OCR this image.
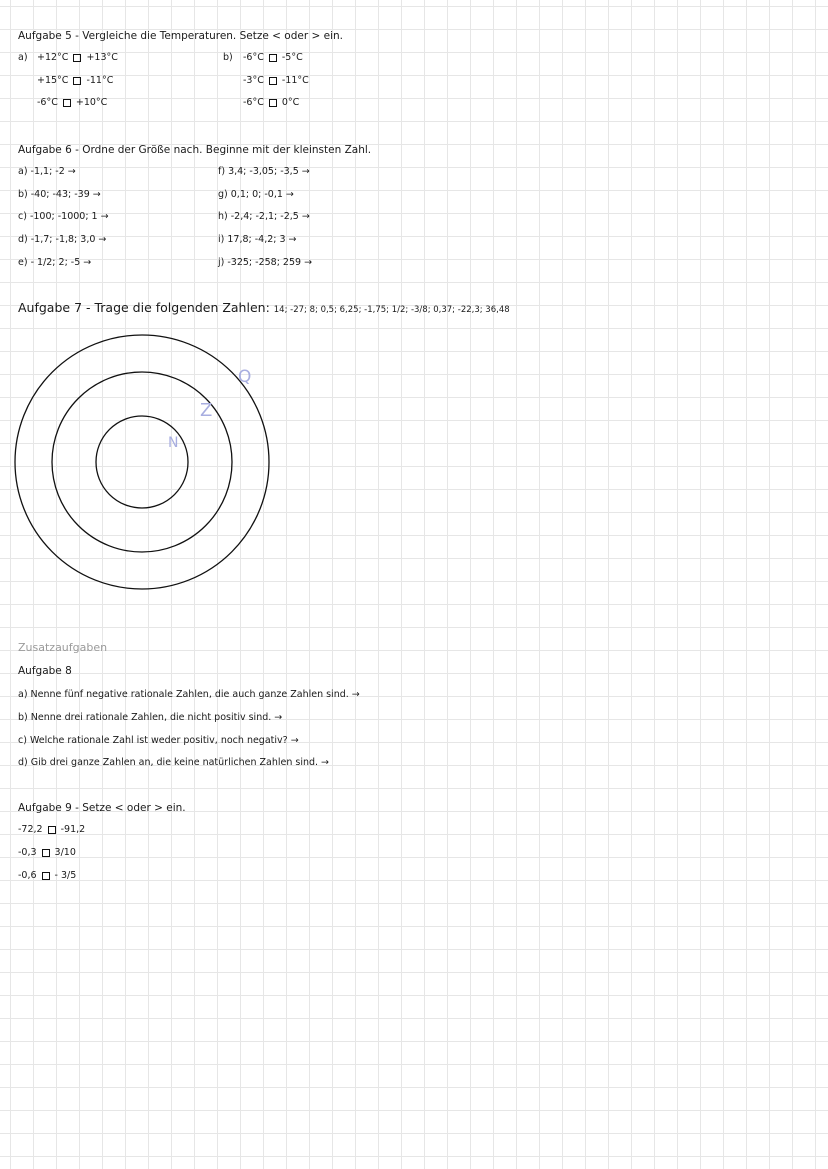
Aufgabe 5 - Vergleiche die Temperaturen. Setze < oder > ein.
a) +12°C +13°C
+15°C -11°C
-6°C +10°C
b) -6°C -5°C
-3°C -11°C
-6°C 0°C
Aufgabe 6 - Ordne der Größe nach. Beginne mit der kleinsten Zahl.
a) -1,1; -2 →
b) -40; -43; -39 →
c) -100; -1000; 1 →
d) -1,7; -1,8; 3,0 →
e) - 1/2; 2; -5 →
f) 3,4; -3,05; -3,5 →
g) 0,1; 0; -0,1 →
h) -2,4; -2,1; -2,5 →
i) 17,8; -4,2; 3 →
j) -325; -258; 259 →
Aufgabe 7 - Trage die folgenden Zahlen: 14; -27; 8; 0,5; 6,25; -1,75; 1/2; -3/8; 0,37; -22,3; 36,48
N
Z
Q
Zusatzaufgaben
Aufgabe 8
a) Nenne fünf negative rationale Zahlen, die auch ganze Zahlen sind. →
b) Nenne drei rationale Zahlen, die nicht positiv sind. →
c) Welche rationale Zahl ist weder positiv, noch negativ? →
d) Gib drei ganze Zahlen an, die keine natürlichen Zahlen sind. →
Aufgabe 9 - Setze < oder > ein.
-72,2 -91,2
-0,3 3/10
-0,6 - 3/5
